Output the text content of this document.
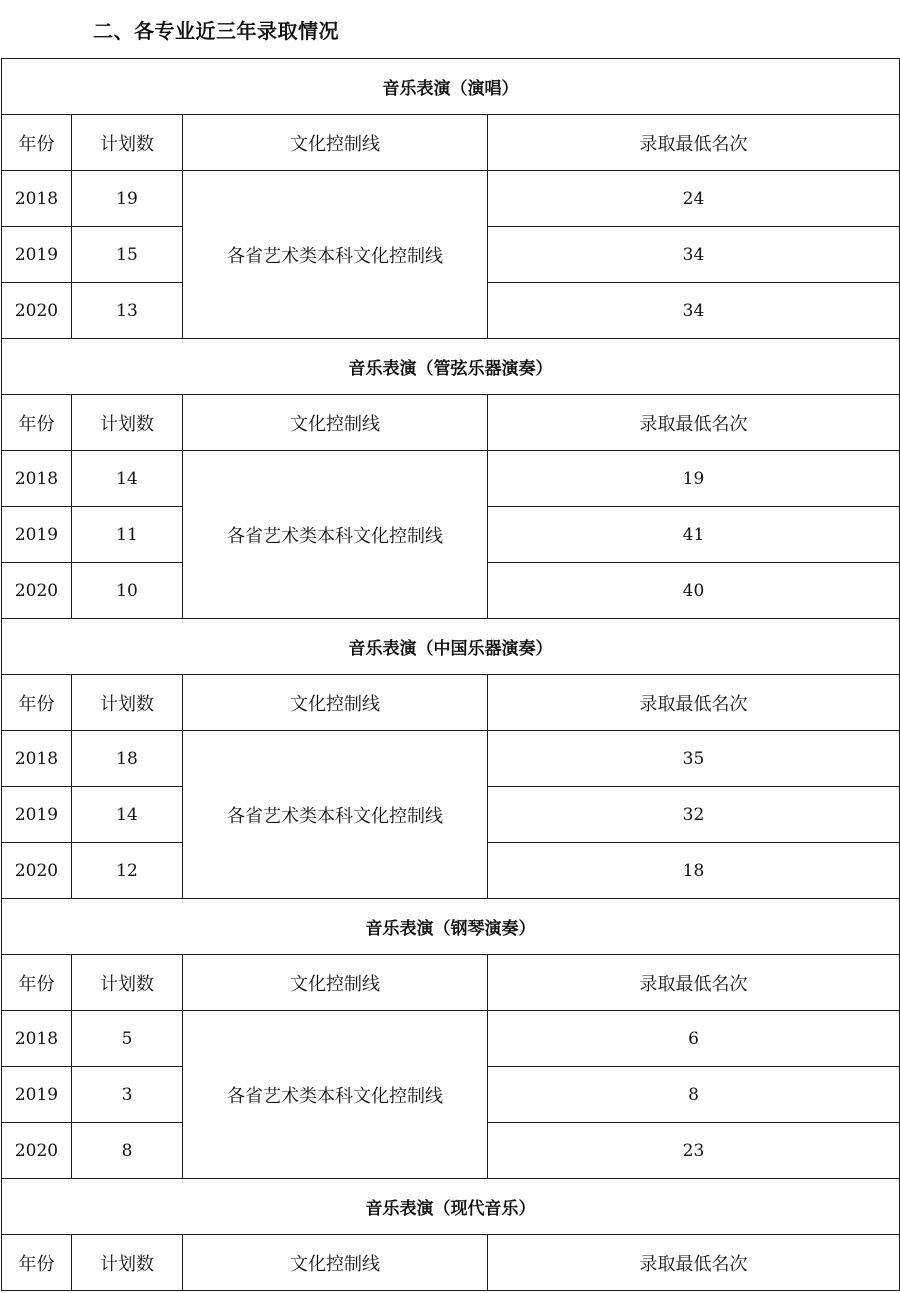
二、各专业近三年录取情况
音乐表演（演唱）			
年份	计划数	文化控制线	录取最低名次
2018	19	各省艺术类本科文化控制线	24
2019	15		34
2020	13		34
音乐表演（管弦乐器演奏）			
年份	计划数	文化控制线	录取最低名次
2018	14	各省艺术类本科文化控制线	19
2019	11		41
2020	10		40
音乐表演（中国乐器演奏）			
年份	计划数	文化控制线	录取最低名次
2018	18	各省艺术类本科文化控制线	35
2019	14		32
2020	12		18
音乐表演（钢琴演奏）			
年份	计划数	文化控制线	录取最低名次
2018	5	各省艺术类本科文化控制线	6
2019	3		8
2020	8		23
音乐表演（现代音乐）			
年份	计划数	文化控制线	录取最低名次
